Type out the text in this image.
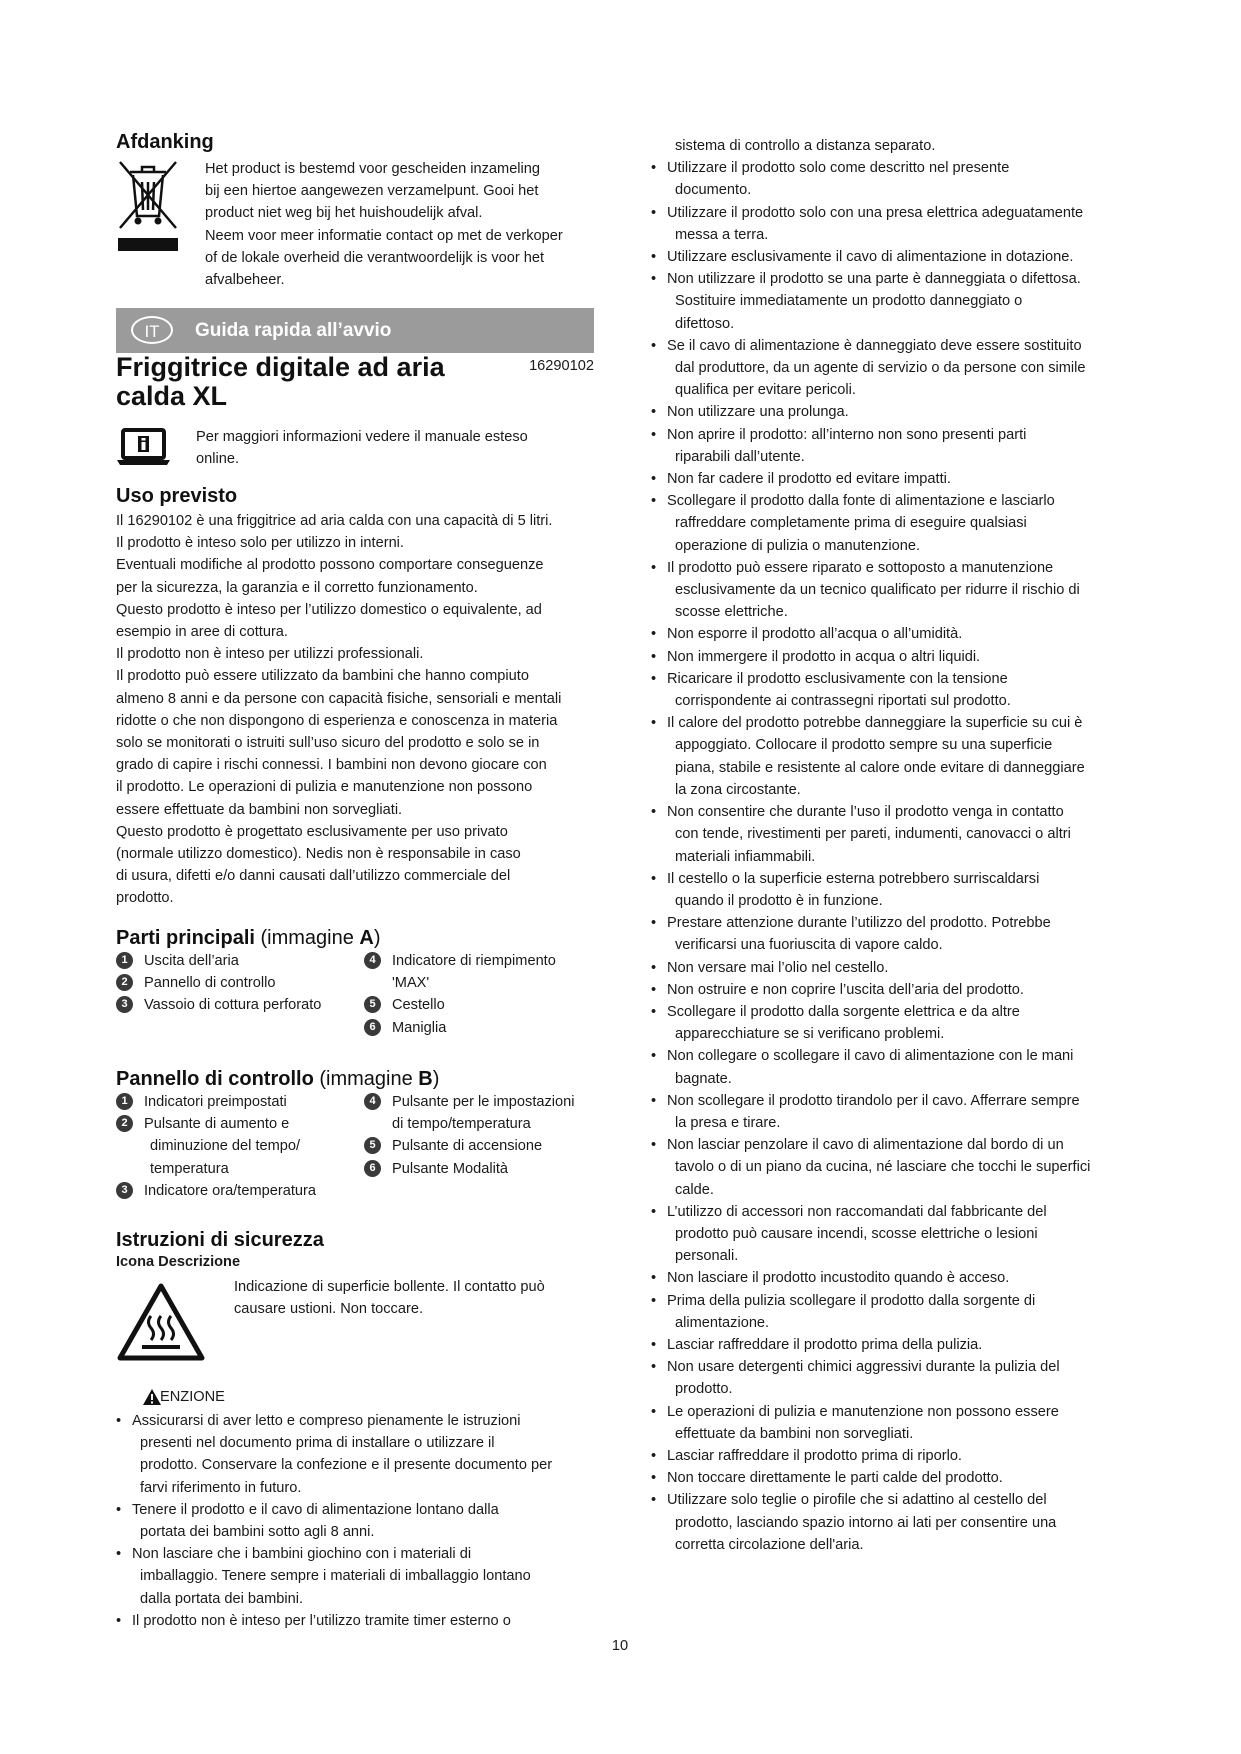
Afdanking
Het product is bestemd voor gescheiden inzameling
bij een hiertoe aangewezen verzamelpunt. Gooi het
product niet weg bij het huishoudelijk afval.
Neem voor meer informatie contact op met de verkoper
of de lokale overheid die verantwoordelijk is voor het
afvalbeheer.
IT	Guida rapida all’avvio
Friggitrice digitale ad aria
calda XL
16290102
Per maggiori informazioni vedere il manuale esteso
online.
Uso previsto
Il 16290102 è una friggitrice ad aria calda con una capacità di 5 litri.
Il prodotto è inteso solo per utilizzo in interni.
Eventuali modifiche al prodotto possono comportare conseguenze
per la sicurezza, la garanzia e il corretto funzionamento.
Questo prodotto è inteso per l’utilizzo domestico o equivalente, ad
esempio in aree di cottura.
Il prodotto non è inteso per utilizzi professionali.
Il prodotto può essere utilizzato da bambini che hanno compiuto
almeno 8 anni e da persone con capacità fisiche, sensoriali e mentali
ridotte o che non dispongono di esperienza e conoscenza in materia
solo se monitorati o istruiti sull’uso sicuro del prodotto e solo se in
grado di capire i rischi connessi. I bambini non devono giocare con
il prodotto. Le operazioni di pulizia e manutenzione non possono
essere effettuate da bambini non sorvegliati.
Questo prodotto è progettato esclusivamente per uso privato
(normale utilizzo domestico). Nedis non è responsabile in caso
di usura, difetti e/o danni causati dall’utilizzo commerciale del
prodotto.
Parti principali (immagine A)
1	Uscita dell’aria
2	Pannello di controllo
3	Vassoio di cottura perforato
4	Indicatore di riempimento
'MAX'
5	Cestello
6	Maniglia
Pannello di controllo (immagine B)
1	Indicatori preimpostati
2	Pulsante di aumento e
diminuzione del tempo/
temperatura
3	Indicatore ora/temperatura
4	Pulsante per le impostazioni
di tempo/temperatura
5	Pulsante di accensione
6	Pulsante Modalità
Istruzioni di sicurezza
Icona Descrizione
Indicazione di superficie bollente. Il contatto può
causare ustioni. Non toccare.
ENZIONE
• Assicurarsi di aver letto e compreso pienamente le istruzioni
presenti nel documento prima di installare o utilizzare il
prodotto. Conservare la confezione e il presente documento per
farvi riferimento in futuro.
• Tenere il prodotto e il cavo di alimentazione lontano dalla
portata dei bambini sotto agli 8 anni.
• Non lasciare che i bambini giochino con i materiali di
imballaggio. Tenere sempre i materiali di imballaggio lontano
dalla portata dei bambini.
• Il prodotto non è inteso per l’utilizzo tramite timer esterno o
sistema di controllo a distanza separato.
• Utilizzare il prodotto solo come descritto nel presente
documento.
• Utilizzare il prodotto solo con una presa elettrica adeguatamente
messa a terra.
• Utilizzare esclusivamente il cavo di alimentazione in dotazione.
• Non utilizzare il prodotto se una parte è danneggiata o difettosa.
Sostituire immediatamente un prodotto danneggiato o
difettoso.
• Se il cavo di alimentazione è danneggiato deve essere sostituito
dal produttore, da un agente di servizio o da persone con simile
qualifica per evitare pericoli.
• Non utilizzare una prolunga.
• Non aprire il prodotto: all’interno non sono presenti parti
riparabili dall’utente.
• Non far cadere il prodotto ed evitare impatti.
• Scollegare il prodotto dalla fonte di alimentazione e lasciarlo
raffreddare completamente prima di eseguire qualsiasi
operazione di pulizia o manutenzione.
• Il prodotto può essere riparato e sottoposto a manutenzione
esclusivamente da un tecnico qualificato per ridurre il rischio di
scosse elettriche.
• Non esporre il prodotto all’acqua o all’umidità.
• Non immergere il prodotto in acqua o altri liquidi.
• Ricaricare il prodotto esclusivamente con la tensione
corrispondente ai contrassegni riportati sul prodotto.
• Il calore del prodotto potrebbe danneggiare la superficie su cui è
appoggiato. Collocare il prodotto sempre su una superficie
piana, stabile e resistente al calore onde evitare di danneggiare
la zona circostante.
• Non consentire che durante l’uso il prodotto venga in contatto
con tende, rivestimenti per pareti, indumenti, canovacci o altri
materiali infiammabili.
• Il cestello o la superficie esterna potrebbero surriscaldarsi
quando il prodotto è in funzione.
• Prestare attenzione durante l’utilizzo del prodotto. Potrebbe
verificarsi una fuoriuscita di vapore caldo.
• Non versare mai l’olio nel cestello.
• Non ostruire e non coprire l’uscita dell’aria del prodotto.
• Scollegare il prodotto dalla sorgente elettrica e da altre
apparecchiature se si verificano problemi.
• Non collegare o scollegare il cavo di alimentazione con le mani
bagnate.
• Non scollegare il prodotto tirandolo per il cavo. Afferrare sempre
la presa e tirare.
• Non lasciar penzolare il cavo di alimentazione dal bordo di un
tavolo o di un piano da cucina, né lasciare che tocchi le superfici
calde.
• L’utilizzo di accessori non raccomandati dal fabbricante del
prodotto può causare incendi, scosse elettriche o lesioni
personali.
• Non lasciare il prodotto incustodito quando è acceso.
• Prima della pulizia scollegare il prodotto dalla sorgente di
alimentazione.
• Lasciar raffreddare il prodotto prima della pulizia.
• Non usare detergenti chimici aggressivi durante la pulizia del
prodotto.
• Le operazioni di pulizia e manutenzione non possono essere
effettuate da bambini non sorvegliati.
• Lasciar raffreddare il prodotto prima di riporlo.
• Non toccare direttamente le parti calde del prodotto.
• Utilizzare solo teglie o pirofile che si adattino al cestello del
prodotto, lasciando spazio intorno ai lati per consentire una
corretta circolazione dell'aria.
10
